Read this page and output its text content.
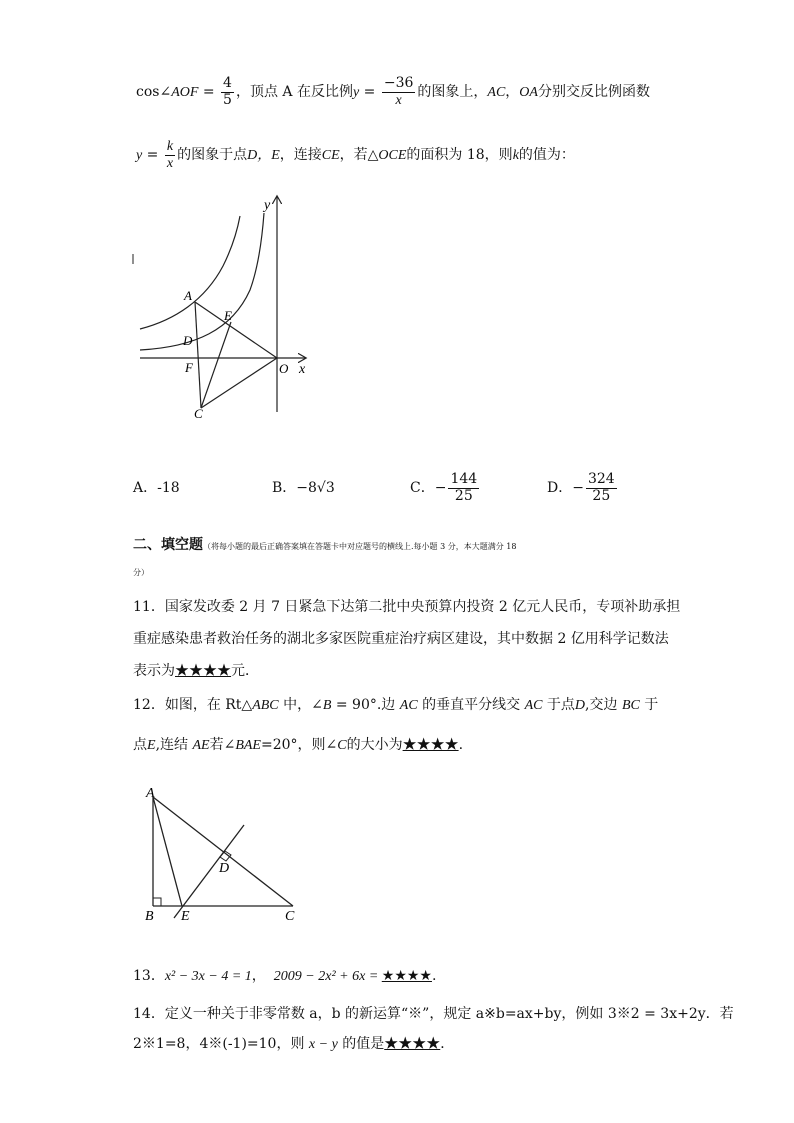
cos∠AOF = $\frac{4}{5}$ ，顶点 A 在反比例$y = \frac{-36}{x}$ 的图象上，AC，OA分别交反比例函数
$y = \frac{k}{x}$ 的图象于点D，E，连接CE，若△OCE的面积为 18，则k的值为：
y
x
A
E
D
F	O
C
A．-18	B．−8√3	C．− $\frac{144}{25}$	D．− $\frac{324}{25}$
二、填空题（将每小题的最后正确答案填在答题卡中对应题号的横线上.每小题 3 分，本大题满分 18
分）
11．国家发改委 2 月 7 日紧急下达第二批中央预算内投资 2 亿元人民币，专项补助承担
重症感染患者救治任务的湖北多家医院重症治疗病区建设，其中数据 2 亿用科学记数法
表示为★★★★元．
12．如图，在 Rt△ABC 中，∠B = 90°.边 AC 的垂直平分线交 AC 于点D,交边 BC 于
点E,连结 AE若∠BAE=20°，则∠C的大小为★★★★.
A
B E	C
D
13．x² − 3x − 4 = 1， 2009 − 2x² + 6x = ★★★★.
14．定义一种关于非零常数 a，b 的新运算“※”，规定 a※b=ax+by，例如 3※2 = 3x+2y．若
2※1=8，4※(-1)=10，则 x − y 的值是★★★★．
